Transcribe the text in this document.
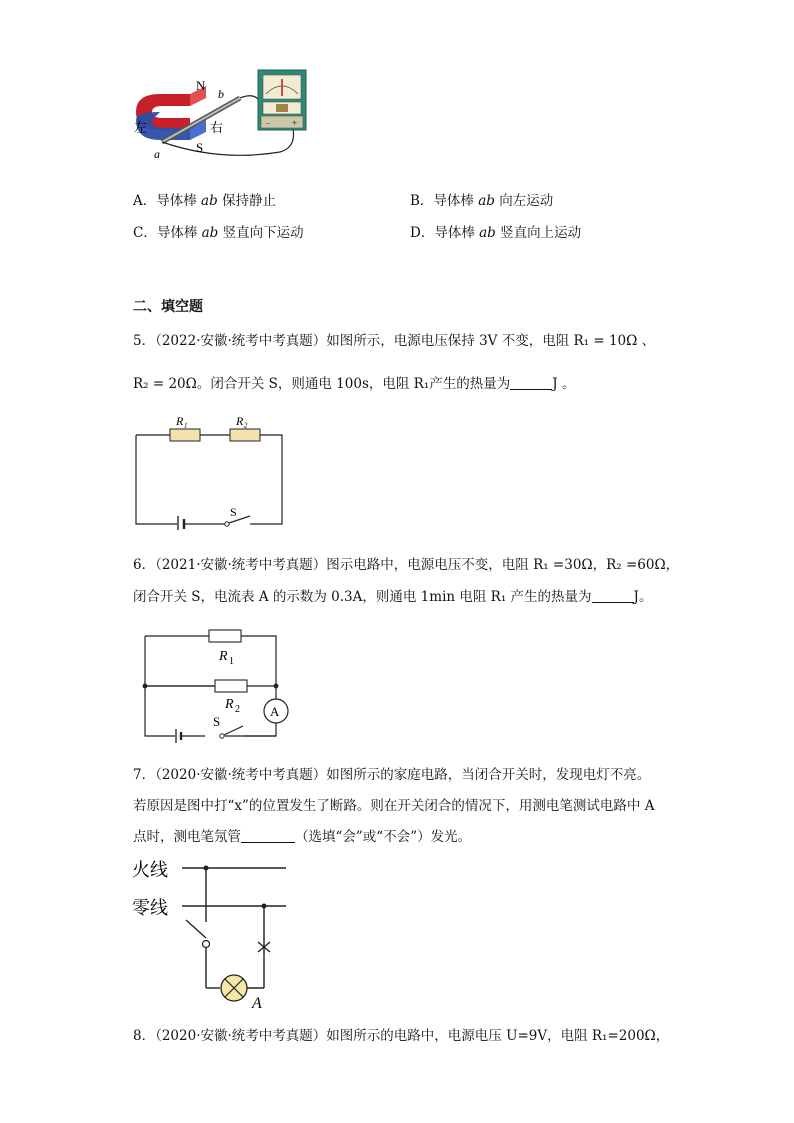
N
b
左	右
S
a
− +
A．导体棒 ab 保持静止	B．导体棒 ab 向左运动
C．导体棒 ab 竖直向下运动	D．导体棒 ab 竖直向上运动
二、填空题
5．（2022·安徽·统考中考真题）如图所示，电源电压保持 3V 不变，电阻 R₁ = 10Ω 、
R₂ = 20Ω。闭合开关 S，则通电 100s，电阻 R₁产生的热量为	J 。
R₁	R₂
S
6．（2021·安徽·统考中考真题）图示电路中，电源电压不变，电阻 R₁ =30Ω，R₂ =60Ω，
闭合开关 S，电流表 A 的示数为 0.3A，则通电 1min 电阻 R₁ 产生的热量为	J。
A
S
R 1
R 2
7．（2020·安徽·统考中考真题）如图所示的家庭电路，当闭合开关时，发现电灯不亮。
若原因是图中打“x”的位置发生了断路。则在开关闭合的情况下，用测电笔测试电路中 A
点时，测电笔氖管	（选填“会”或“不会”）发光。
火线
零线
A
8．（2020·安徽·统考中考真题）如图所示的电路中，电源电压 U=9V，电阻 R₁=200Ω，
